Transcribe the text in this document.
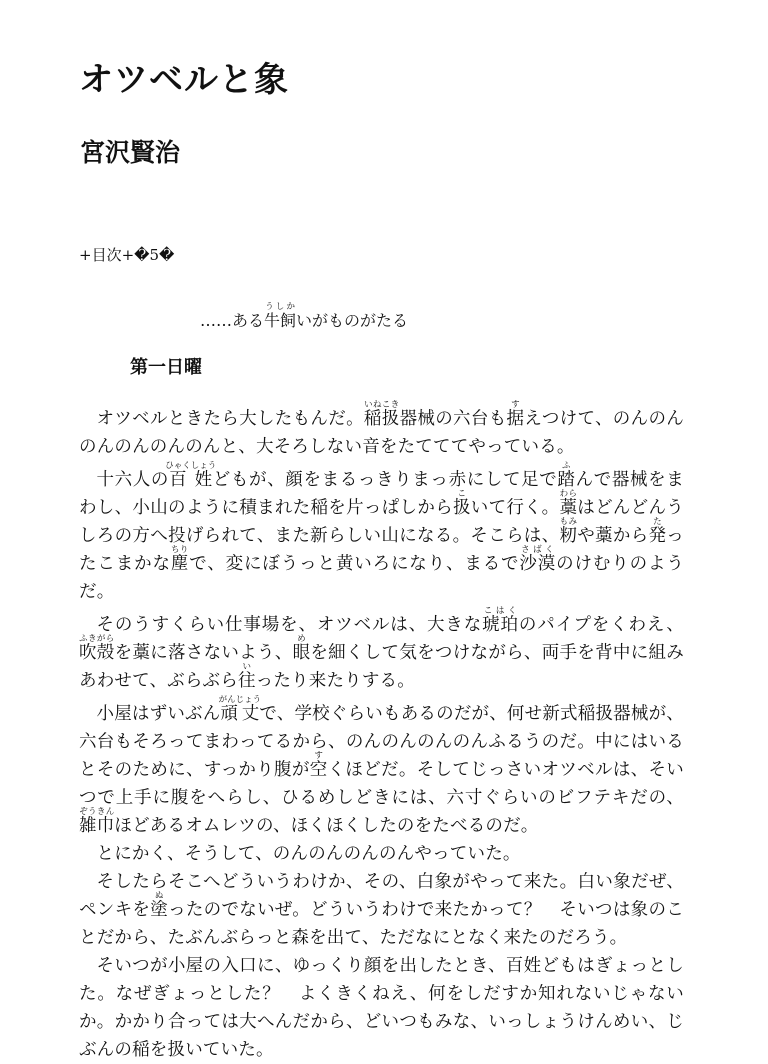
オツベルと象
宮沢賢治
+目次+�5�
……ある牛飼うしかいがものがたる
第一日曜

オツベルときたら大したもんだ。稲扱いねこき器械の六台も据すえつけて、のんのんのんのんのんのんと、大そろしない音をたてててやっている。

十六人の百姓ひゃくしょうどもが、顔をまるっきりまっ赤にして足で踏ふんで器械をまわし、小山のように積まれた稲を片っぱしから扱こいて行く。藁わらはどんどんうしろの方へ投げられて、また新らしい山になる。そこらは、籾もみや藁から発たったこまかな塵ちりで、変にぼうっと黄いろになり、まるで沙漠さばくのけむりのようだ。

そのうすくらい仕事場を、オツベルは、大きな琥珀こはくのパイプをくわえ、吹殻ふきがらを藁に落さないよう、眼めを細くして気をつけながら、両手を背中に組みあわせて、ぶらぶら往いったり来たりする。

小屋はずいぶん頑丈がんじょうで、学校ぐらいもあるのだが、何せ新式稲扱器械が、六台もそろってまわってるから、のんのんのんのんふるうのだ。中にはいるとそのために、すっかり腹が空すくほどだ。そしてじっさいオツベルは、そいつで上手に腹をへらし、ひるめしどきには、六寸ぐらいのビフテキだの、雑巾ぞうきんほどあるオムレツの、ほくほくしたのをたべるのだ。

とにかく、そうして、のんのんのんのんやっていた。

そしたらそこへどういうわけか、その、白象がやって来た。白い象だぜ、ペンキを塗ぬったのでないぜ。どういうわけで来たかって？　そいつは象のことだから、たぶんぶらっと森を出て、ただなにとなく来たのだろう。

そいつが小屋の入口に、ゆっくり顔を出したとき、百姓どもはぎょっとした。なぜぎょっとした？　よくきくねえ、何をしだすか知れないじゃないか。かかり合っては大へんだから、どいつもみな、いっしょうけんめい、じぶんの稲を扱いていた。
